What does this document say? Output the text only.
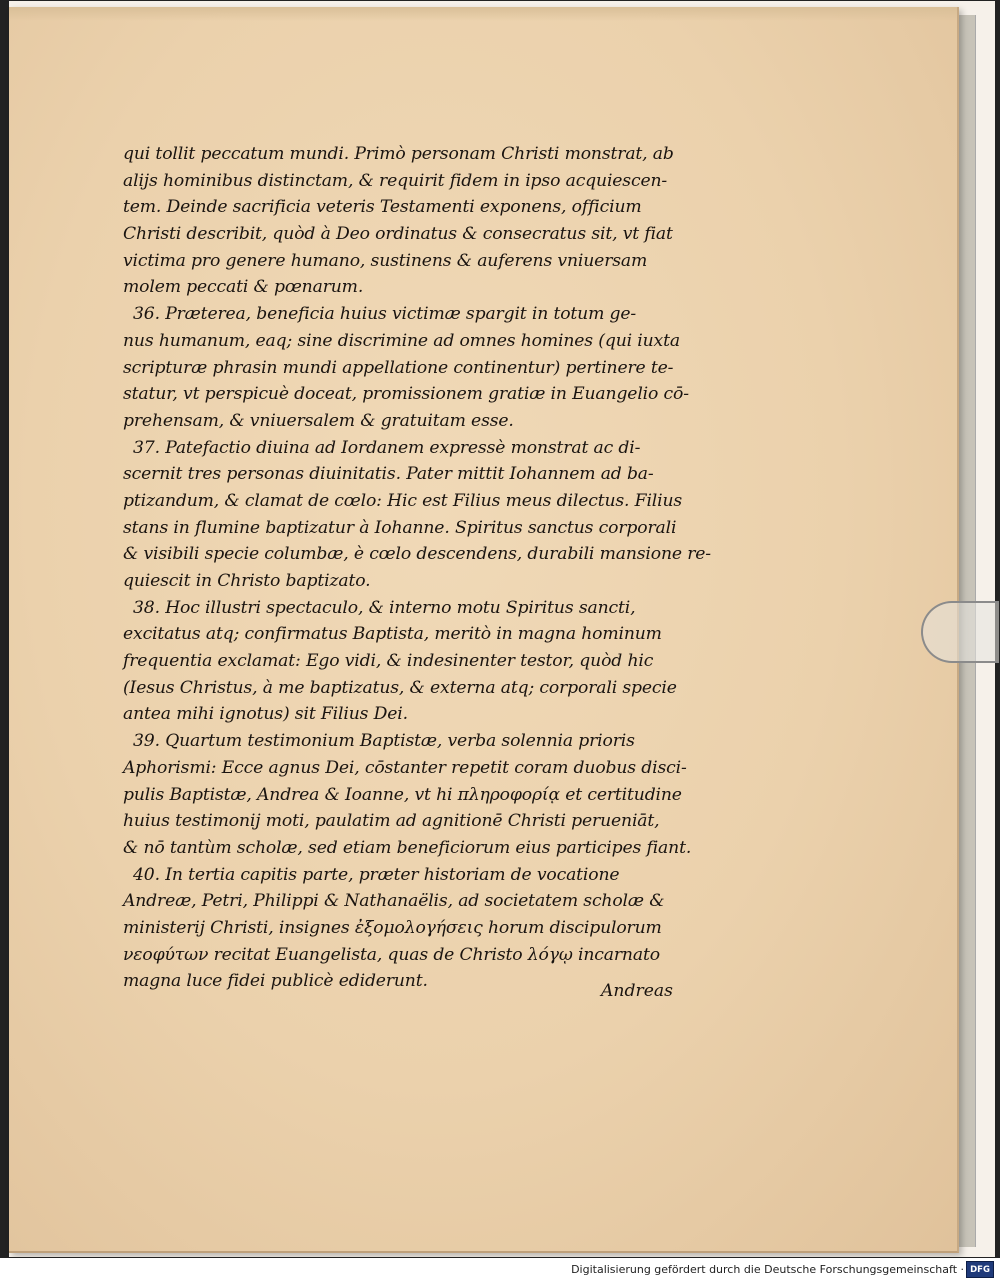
qui tollit peccatum mundi. Primò personam Christi monstrat, ab
alijs hominibus distinctam, & requirit fidem in ipso acquiescen-
tem. Deinde sacrificia veteris Testamenti exponens, officium
Christi describit, quòd à Deo ordinatus & consecratus sit, vt fiat
victima pro genere humano, sustinens & auferens vniuersam
molem peccati & pœnarum.
36. Præterea, beneficia huius victimæ spargit in totum ge-
nus humanum, eaq; sine discrimine ad omnes homines (qui iuxta
scripturæ phrasin mundi appellatione continentur) pertinere te-
statur, vt perspicuè doceat, promissionem gratiæ in Euangelio cō-
prehensam, & vniuersalem & gratuitam esse.
37. Patefactio diuina ad Iordanem expressè monstrat ac di-
scernit tres personas diuinitatis. Pater mittit Iohannem ad ba-
ptizandum, & clamat de cœlo: Hic est Filius meus dilectus. Filius
stans in flumine baptizatur à Iohanne. Spiritus sanctus corporali
& visibili specie columbæ, è cœlo descendens, durabili mansione re-
quiescit in Christo baptizato.
38. Hoc illustri spectaculo, & interno motu Spiritus sancti,
excitatus atq; confirmatus Baptista, meritò in magna hominum
frequentia exclamat: Ego vidi, & indesinenter testor, quòd hic
(Iesus Christus, à me baptizatus, & externa atq; corporali specie
antea mihi ignotus) sit Filius Dei.
39. Quartum testimonium Baptistæ, verba solennia prioris
Aphorismi: Ecce agnus Dei, cōstanter repetit coram duobus disci-
pulis Baptistæ, Andrea & Ioanne, vt hi πληροφορίᾳ et certitudine
huius testimonij moti, paulatim ad agnitionē Christi perueniāt,
& nō tantùm scholæ, sed etiam beneficiorum eius participes fiant.
40. In tertia capitis parte, præter historiam de vocatione
Andreæ, Petri, Philippi & Nathanaëlis, ad societatem scholæ &
ministerij Christi, insignes ἐξομολογήσεις horum discipulorum
νεοφύτων recitat Euangelista, quas de Christo λόγῳ incarnato
magna luce fidei publicè ediderunt.	Andreas
Digitalisierung gefördert durch die Deutsche Forschungsgemeinschaft · DFG
